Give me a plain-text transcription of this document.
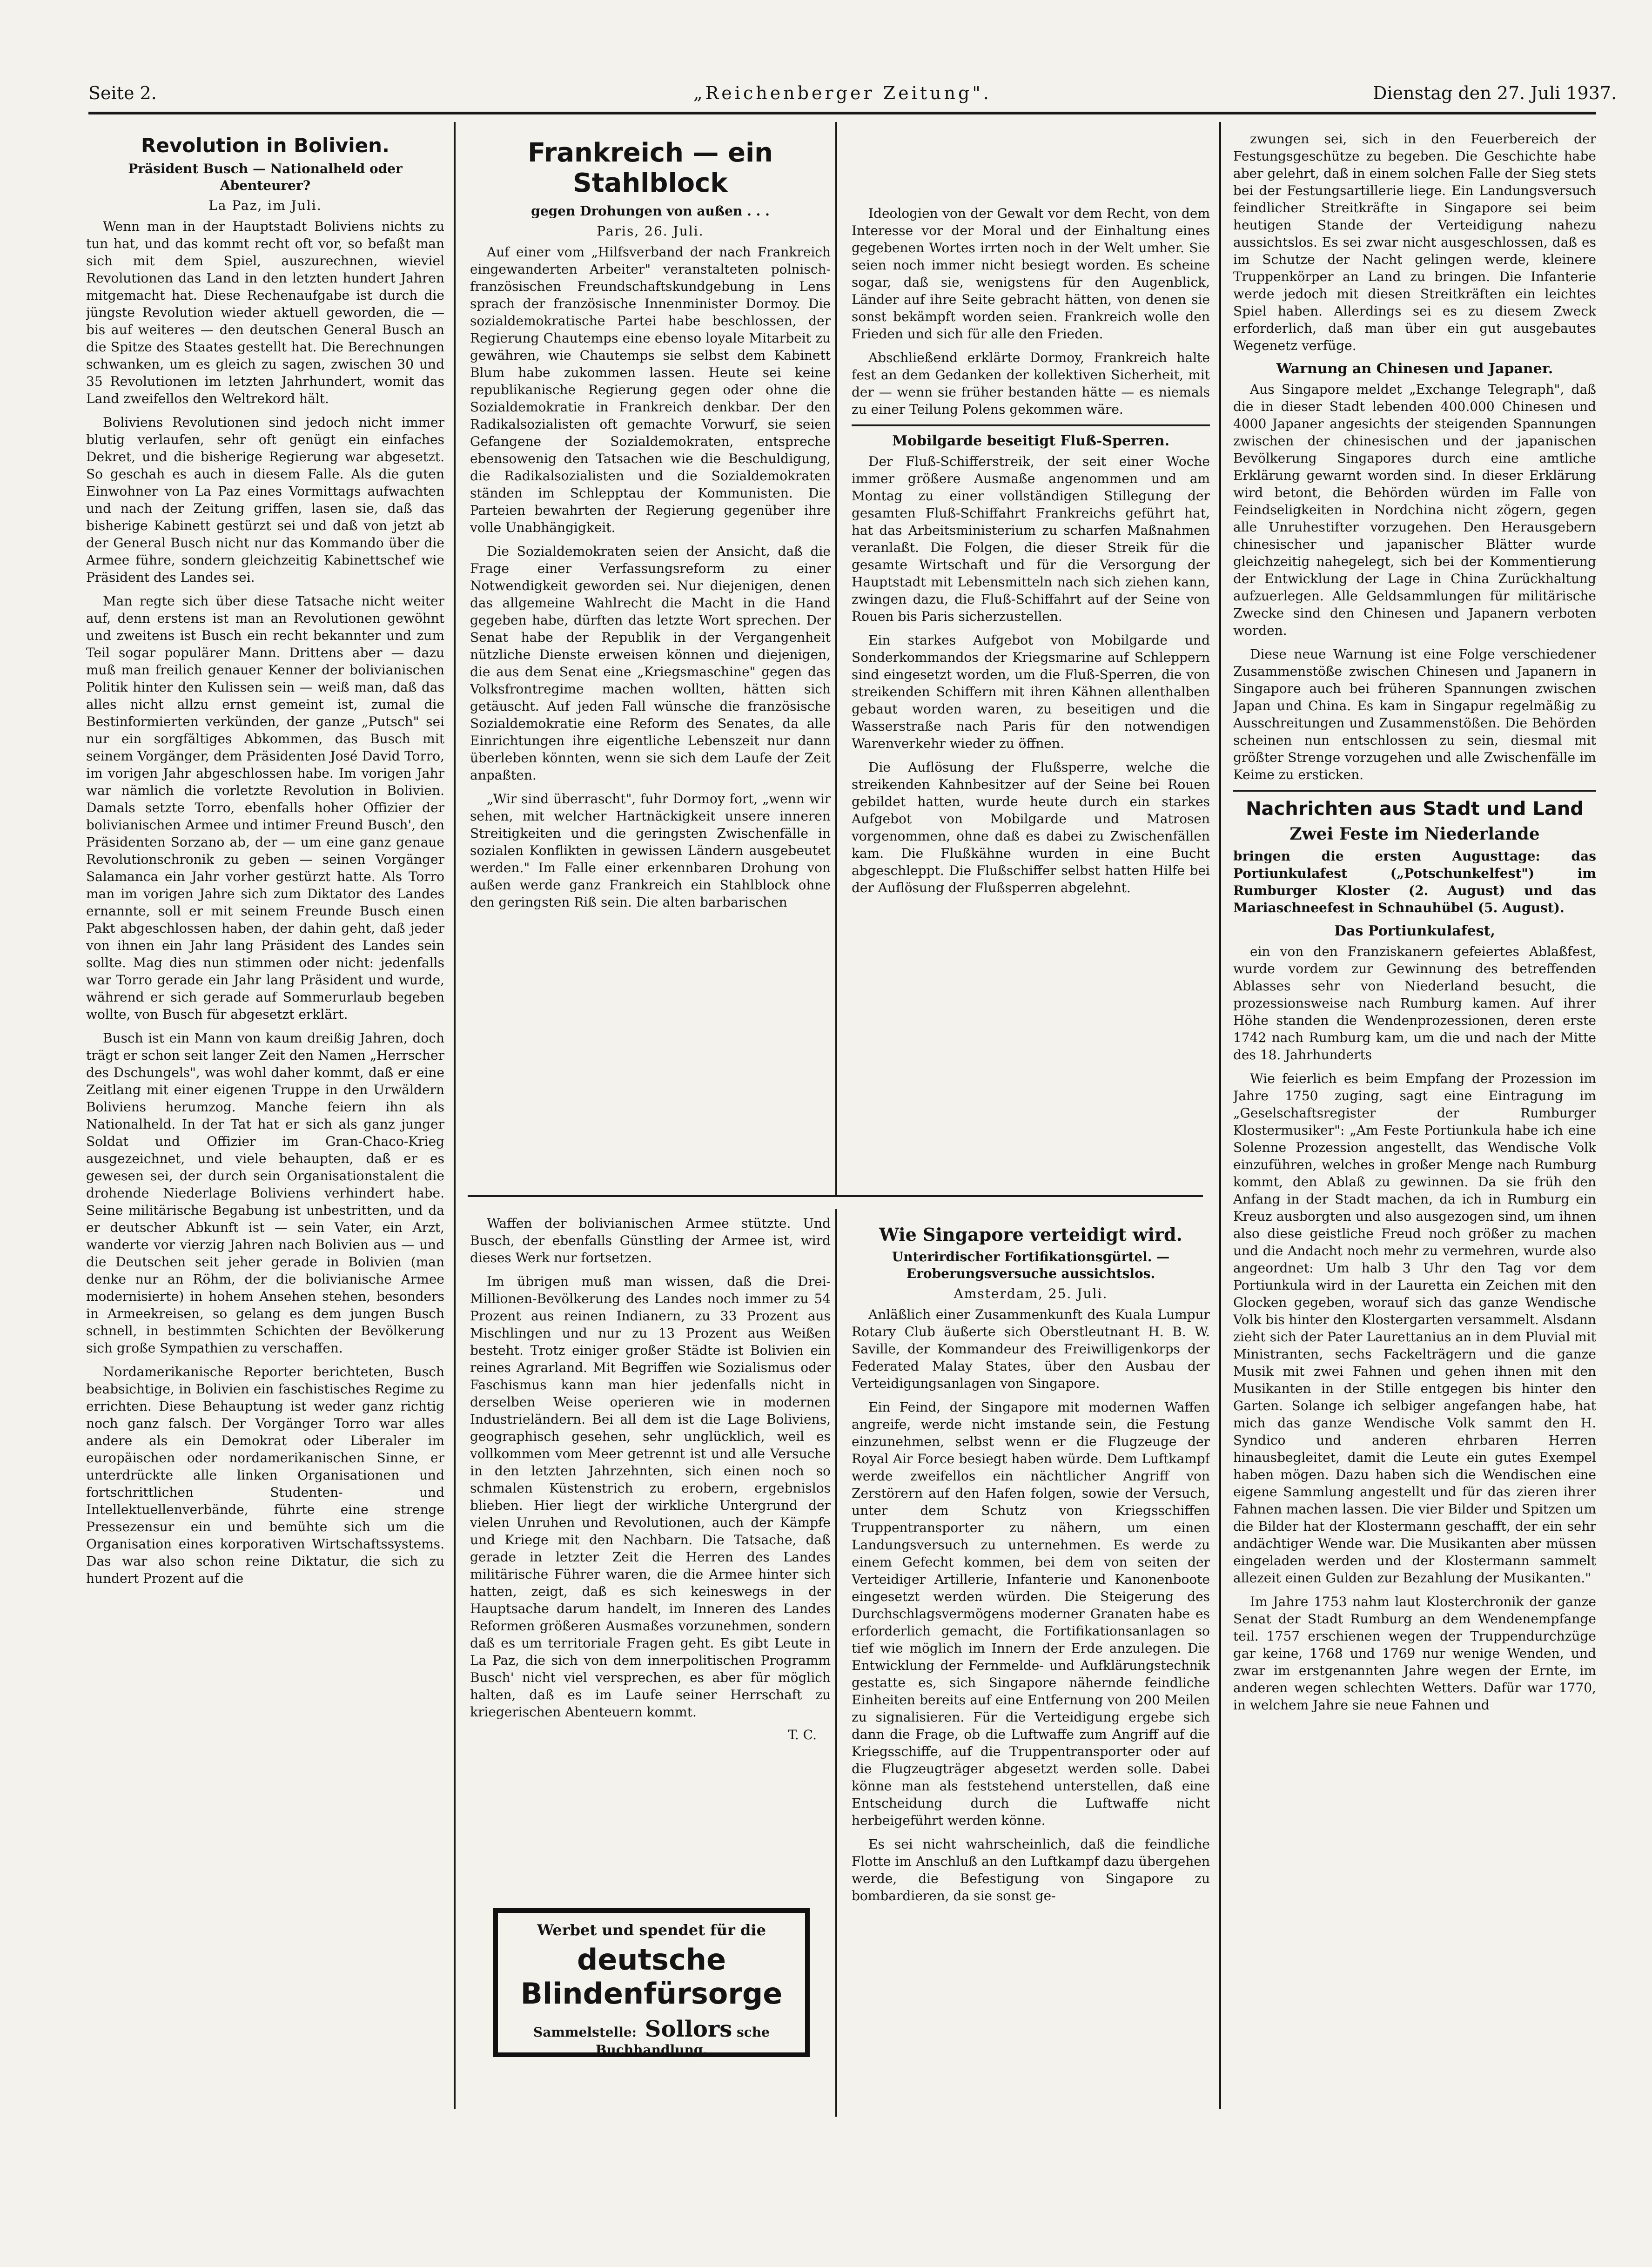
Seite 2.	„Reichenberger Zeitung".	Dienstag den 27. Juli 1937.
Revolution in Bolivien.
Präsident Busch — Nationalheld oder Abenteurer?
La Paz, im Juli.

Wenn man in der Hauptstadt Boliviens nichts zu tun hat, und das kommt recht oft vor, so befaßt man sich mit dem Spiel, auszurechnen, wieviel Revolutionen das Land in den letzten hundert Jahren mitgemacht hat. Diese Rechenaufgabe ist durch die jüngste Revolution wieder aktuell geworden, die — bis auf weiteres — den deutschen General Busch an die Spitze des Staates gestellt hat. Die Berechnungen schwanken, um es gleich zu sagen, zwischen 30 und 35 Revolutionen im letzten Jahrhundert, womit das Land zweifellos den Weltrekord hält.

Boliviens Revolutionen sind jedoch nicht immer blutig verlaufen, sehr oft genügt ein einfaches Dekret, und die bisherige Regierung war abgesetzt. So geschah es auch in diesem Falle. Als die guten Einwohner von La Paz eines Vormittags aufwachten und nach der Zeitung griffen, lasen sie, daß das bisherige Kabinett gestürzt sei und daß von jetzt ab der General Busch nicht nur das Kommando über die Armee führe, sondern gleichzeitig Kabinettschef wie Präsident des Landes sei.

Man regte sich über diese Tatsache nicht weiter auf, denn erstens ist man an Revolutionen gewöhnt und zweitens ist Busch ein recht bekannter und zum Teil sogar populärer Mann. Drittens aber — dazu muß man freilich genauer Kenner der bolivianischen Politik hinter den Kulissen sein — weiß man, daß das alles nicht allzu ernst gemeint ist, zumal die Bestinformierten verkünden, der ganze „Putsch" sei nur ein sorgfältiges Abkommen, das Busch mit seinem Vorgänger, dem Präsidenten José David Torro, im vorigen Jahr abgeschlossen habe. Im vorigen Jahr war nämlich die vorletzte Revolution in Bolivien. Damals setzte Torro, ebenfalls hoher Offizier der bolivianischen Armee und intimer Freund Busch', den Präsidenten Sorzano ab, der — um eine ganz genaue Revolutionschronik zu geben — seinen Vorgänger Salamanca ein Jahr vorher gestürzt hatte. Als Torro man im vorigen Jahre sich zum Diktator des Landes ernannte, soll er mit seinem Freunde Busch einen Pakt abgeschlossen haben, der dahin geht, daß jeder von ihnen ein Jahr lang Präsident des Landes sein sollte. Mag dies nun stimmen oder nicht: jedenfalls war Torro gerade ein Jahr lang Präsident und wurde, während er sich gerade auf Sommerurlaub begeben wollte, von Busch für abgesetzt erklärt.

Busch ist ein Mann von kaum dreißig Jahren, doch trägt er schon seit langer Zeit den Namen „Herrscher des Dschungels", was wohl daher kommt, daß er eine Zeitlang mit einer eigenen Truppe in den Urwäldern Boliviens herumzog. Manche feiern ihn als Nationalheld. In der Tat hat er sich als ganz junger Soldat und Offizier im Gran-Chaco-Krieg ausgezeichnet, und viele behaupten, daß er es gewesen sei, der durch sein Organisationstalent die drohende Niederlage Boliviens verhindert habe. Seine militärische Begabung ist unbestritten, und da er deutscher Abkunft ist — sein Vater, ein Arzt, wanderte vor vierzig Jahren nach Bolivien aus — und die Deutschen seit jeher gerade in Bolivien (man denke nur an Röhm, der die bolivianische Armee modernisierte) in hohem Ansehen stehen, besonders in Armeekreisen, so gelang es dem jungen Busch schnell, in bestimmten Schichten der Bevölkerung sich große Sympathien zu verschaffen.

Nordamerikanische Reporter berichteten, Busch beabsichtige, in Bolivien ein faschistisches Regime zu errichten. Diese Behauptung ist weder ganz richtig noch ganz falsch. Der Vorgänger Torro war alles andere als ein Demokrat oder Liberaler im europäischen oder nordamerikanischen Sinne, er unterdrückte alle linken Organisationen und fortschrittlichen Studenten- und Intellektuellenverbände, führte eine strenge Pressezensur ein und bemühte sich um die Organisation eines korporativen Wirtschaftssystems. Das war also schon reine Diktatur, die sich zu hundert Prozent auf die

Frankreich — ein Stahlblock
gegen Drohungen von außen . . .
Paris, 26. Juli.

Auf einer vom „Hilfsverband der nach Frankreich eingewanderten Arbeiter" veranstalteten polnisch-französischen Freundschaftskundgebung in Lens sprach der französische Innenminister Dormoy. Die sozialdemokratische Partei habe beschlossen, der Regierung Chautemps eine ebenso loyale Mitarbeit zu gewähren, wie Chautemps sie selbst dem Kabinett Blum habe zukommen lassen. Heute sei keine republikanische Regierung gegen oder ohne die Sozialdemokratie in Frankreich denkbar. Der den Radikalsozialisten oft gemachte Vorwurf, sie seien Gefangene der Sozialdemokraten, entspreche ebensowenig den Tatsachen wie die Beschuldigung, die Radikalsozialisten und die Sozialdemokraten ständen im Schlepptau der Kommunisten. Die Parteien bewahrten der Regierung gegenüber ihre volle Unabhängigkeit.

Die Sozialdemokraten seien der Ansicht, daß die Frage einer Verfassungsreform zu einer Notwendigkeit geworden sei. Nur diejenigen, denen das allgemeine Wahlrecht die Macht in die Hand gegeben habe, dürften das letzte Wort sprechen. Der Senat habe der Republik in der Vergangenheit nützliche Dienste erweisen können und diejenigen, die aus dem Senat eine „Kriegsmaschine" gegen das Volksfrontregime machen wollten, hätten sich getäuscht. Auf jeden Fall wünsche die französische Sozialdemokratie eine Reform des Senates, da alle Einrichtungen ihre eigentliche Lebenszeit nur dann überleben könnten, wenn sie sich dem Laufe der Zeit anpaßten.

„Wir sind überrascht", fuhr Dormoy fort, „wenn wir sehen, mit welcher Hartnäckigkeit unsere inneren Streitigkeiten und die geringsten Zwischenfälle in sozialen Konflikten in gewissen Ländern ausgebeutet werden." Im Falle einer erkennbaren Drohung von außen werde ganz Frankreich ein Stahlblock ohne den geringsten Riß sein. Die alten barbarischen

Ideologien von der Gewalt vor dem Recht, von dem Interesse vor der Moral und der Einhaltung eines gegebenen Wortes irrten noch in der Welt umher. Sie seien noch immer nicht besiegt worden. Es scheine sogar, daß sie, wenigstens für den Augenblick, Länder auf ihre Seite gebracht hätten, von denen sie sonst bekämpft worden seien. Frankreich wolle den Frieden und sich für alle den Frieden.

Abschließend erklärte Dormoy, Frankreich halte fest an dem Gedanken der kollektiven Sicherheit, mit der — wenn sie früher bestanden hätte — es niemals zu einer Teilung Polens gekommen wäre.

Mobilgarde beseitigt Fluß-Sperren.

Der Fluß-Schifferstreik, der seit einer Woche immer größere Ausmaße angenommen und am Montag zu einer vollständigen Stillegung der gesamten Fluß-Schiffahrt Frankreichs geführt hat, hat das Arbeitsministerium zu scharfen Maßnahmen veranlaßt. Die Folgen, die dieser Streik für die gesamte Wirtschaft und für die Versorgung der Hauptstadt mit Lebensmitteln nach sich ziehen kann, zwingen dazu, die Fluß-Schiffahrt auf der Seine von Rouen bis Paris sicherzustellen.

Ein starkes Aufgebot von Mobilgarde und Sonderkommandos der Kriegsmarine auf Schleppern sind eingesetzt worden, um die Fluß-Sperren, die von streikenden Schiffern mit ihren Kähnen allenthalben gebaut worden waren, zu beseitigen und die Wasserstraße nach Paris für den notwendigen Warenverkehr wieder zu öffnen.

Die Auflösung der Flußsperre, welche die streikenden Kahnbesitzer auf der Seine bei Rouen gebildet hatten, wurde heute durch ein starkes Aufgebot von Mobilgarde und Matrosen vorgenommen, ohne daß es dabei zu Zwischenfällen kam. Die Flußkähne wurden in eine Bucht abgeschleppt. Die Flußschiffer selbst hatten Hilfe bei der Auflösung der Flußsperren abgelehnt.

Waffen der bolivianischen Armee stützte. Und Busch, der ebenfalls Günstling der Armee ist, wird dieses Werk nur fortsetzen.

Im übrigen muß man wissen, daß die Drei-Millionen-Bevölkerung des Landes noch immer zu 54 Prozent aus reinen Indianern, zu 33 Prozent aus Mischlingen und nur zu 13 Prozent aus Weißen besteht. Trotz einiger großer Städte ist Bolivien ein reines Agrarland. Mit Begriffen wie Sozialismus oder Faschismus kann man hier jedenfalls nicht in derselben Weise operieren wie in modernen Industrieländern. Bei all dem ist die Lage Boliviens, geographisch gesehen, sehr unglücklich, weil es vollkommen vom Meer getrennt ist und alle Versuche in den letzten Jahrzehnten, sich einen noch so schmalen Küstenstrich zu erobern, ergebnislos blieben. Hier liegt der wirkliche Untergrund der vielen Unruhen und Revolutionen, auch der Kämpfe und Kriege mit den Nachbarn. Die Tatsache, daß gerade in letzter Zeit die Herren des Landes militärische Führer waren, die die Armee hinter sich hatten, zeigt, daß es sich keineswegs in der Hauptsache darum handelt, im Inneren des Landes Reformen größeren Ausmaßes vorzunehmen, sondern daß es um territoriale Fragen geht. Es gibt Leute in La Paz, die sich von dem innerpolitischen Programm Busch' nicht viel versprechen, es aber für möglich halten, daß es im Laufe seiner Herrschaft zu kriegerischen Abenteuern kommt.

T. C.
Werbet und spendet für die
deutsche Blindenfürsorge
Sammelstelle: Sollors sche Buchhandlung.
Wie Singapore verteidigt wird.
Unterirdischer Fortifikationsgürtel. — Eroberungsversuche aussichtslos.
Amsterdam, 25. Juli.

Anläßlich einer Zusammenkunft des Kuala Lumpur Rotary Club äußerte sich Oberstleutnant H. B. W. Saville, der Kommandeur des Freiwilligenkorps der Federated Malay States, über den Ausbau der Verteidigungsanlagen von Singapore.

Ein Feind, der Singapore mit modernen Waffen angreife, werde nicht imstande sein, die Festung einzunehmen, selbst wenn er die Flugzeuge der Royal Air Force besiegt haben würde. Dem Luftkampf werde zweifellos ein nächtlicher Angriff von Zerstörern auf den Hafen folgen, sowie der Versuch, unter dem Schutz von Kriegsschiffen Truppentransporter zu nähern, um einen Landungsversuch zu unternehmen. Es werde zu einem Gefecht kommen, bei dem von seiten der Verteidiger Artillerie, Infanterie und Kanonenboote eingesetzt werden würden. Die Steigerung des Durchschlagsvermögens moderner Granaten habe es erforderlich gemacht, die Fortifikationsanlagen so tief wie möglich im Innern der Erde anzulegen. Die Entwicklung der Fernmelde- und Aufklärungstechnik gestatte es, sich Singapore nähernde feindliche Einheiten bereits auf eine Entfernung von 200 Meilen zu signalisieren. Für die Verteidigung ergebe sich dann die Frage, ob die Luftwaffe zum Angriff auf die Kriegsschiffe, auf die Truppentransporter oder auf die Flugzeugträger abgesetzt werden solle. Dabei könne man als feststehend unterstellen, daß eine Entscheidung durch die Luftwaffe nicht herbeigeführt werden könne.

Es sei nicht wahrscheinlich, daß die feindliche Flotte im Anschluß an den Luftkampf dazu übergehen werde, die Befestigung von Singapore zu bombardieren, da sie sonst ge-

zwungen sei, sich in den Feuerbereich der Festungsgeschütze zu begeben. Die Geschichte habe aber gelehrt, daß in einem solchen Falle der Sieg stets bei der Festungsartillerie liege. Ein Landungsversuch feindlicher Streitkräfte in Singapore sei beim heutigen Stande der Verteidigung nahezu aussichtslos. Es sei zwar nicht ausgeschlossen, daß es im Schutze der Nacht gelingen werde, kleinere Truppenkörper an Land zu bringen. Die Infanterie werde jedoch mit diesen Streitkräften ein leichtes Spiel haben. Allerdings sei es zu diesem Zweck erforderlich, daß man über ein gut ausgebautes Wegenetz verfüge.

Warnung an Chinesen und Japaner.

Aus Singapore meldet „Exchange Telegraph", daß die in dieser Stadt lebenden 400.000 Chinesen und 4000 Japaner angesichts der steigenden Spannungen zwischen der chinesischen und der japanischen Bevölkerung Singapores durch eine amtliche Erklärung gewarnt worden sind. In dieser Erklärung wird betont, die Behörden würden im Falle von Feindseligkeiten in Nordchina nicht zögern, gegen alle Unruhestifter vorzugehen. Den Herausgebern chinesischer und japanischer Blätter wurde gleichzeitig nahegelegt, sich bei der Kommentierung der Entwicklung der Lage in China Zurückhaltung aufzuerlegen. Alle Geldsammlungen für militärische Zwecke sind den Chinesen und Japanern verboten worden.

Diese neue Warnung ist eine Folge verschiedener Zusammenstöße zwischen Chinesen und Japanern in Singapore auch bei früheren Spannungen zwischen Japan und China. Es kam in Singapur regelmäßig zu Ausschreitungen und Zusammenstößen. Die Behörden scheinen nun entschlossen zu sein, diesmal mit größter Strenge vorzugehen und alle Zwischenfälle im Keime zu ersticken.

Nachrichten aus Stadt und Land
Zwei Feste im Niederlande

bringen die ersten Augusttage: das Portiunkulafest („Potschunkelfest") im Rumburger Kloster (2. August) und das Mariaschneefest in Schnauhübel (5. August).

Das Portiunkulafest,

ein von den Franziskanern gefeiertes Ablaßfest, wurde vordem zur Gewinnung des betreffenden Ablasses sehr von Niederland besucht, die prozessionsweise nach Rumburg kamen. Auf ihrer Höhe standen die Wendenprozessionen, deren erste 1742 nach Rumburg kam, um die und nach der Mitte des 18. Jahrhunderts

Wie feierlich es beim Empfang der Prozession im Jahre 1750 zuging, sagt eine Eintragung im „Geselschaftsregister der Rumburger Klostermusiker": „Am Feste Portiunkula habe ich eine Solenne Prozession angestellt, das Wendische Volk einzuführen, welches in großer Menge nach Rumburg kommt, den Ablaß zu gewinnen. Da sie früh den Anfang in der Stadt machen, da ich in Rumburg ein Kreuz ausborgten und also ausgezogen sind, um ihnen also diese geistliche Freud noch größer zu machen und die Andacht noch mehr zu vermehren, wurde also angeordnet: Um halb 3 Uhr den Tag vor dem Portiunkula wird in der Lauretta ein Zeichen mit den Glocken gegeben, worauf sich das ganze Wendische Volk bis hinter den Klostergarten versammelt. Alsdann zieht sich der Pater Laurettanius an in dem Pluvial mit Ministranten, sechs Fackelträgern und die ganze Musik mit zwei Fahnen und gehen ihnen mit den Musikanten in der Stille entgegen bis hinter den Garten. Solange ich selbiger angefangen habe, hat mich das ganze Wendische Volk sammt den H. Syndico und anderen ehrbaren Herren hinausbegleitet, damit die Leute ein gutes Exempel haben mögen. Dazu haben sich die Wendischen eine eigene Sammlung angestellt und für das zieren ihrer Fahnen machen lassen. Die vier Bilder und Spitzen um die Bilder hat der Klostermann geschafft, der ein sehr andächtiger Wende war. Die Musikanten aber müssen eingeladen werden und der Klostermann sammelt allezeit einen Gulden zur Bezahlung der Musikanten."

Im Jahre 1753 nahm laut Klosterchronik der ganze Senat der Stadt Rumburg an dem Wendenempfange teil. 1757 erschienen wegen der Truppendurchzüge gar keine, 1768 und 1769 nur wenige Wenden, und zwar im erstgenannten Jahre wegen der Ernte, im anderen wegen schlechten Wetters. Dafür war 1770, in welchem Jahre sie neue Fahnen und
